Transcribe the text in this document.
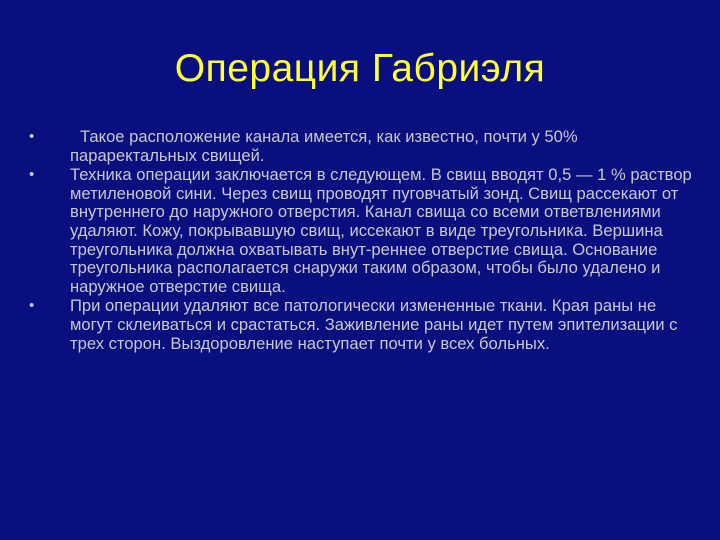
Операция Габриэля
•	Такое расположение канала имеется, как известно, почти у 50% параректальных свищей.
• Техника операции заключается в следующем. В свищ вводят 0,5 — 1 % раствор метиленовой сини. Через свищ проводят пуговчатый зонд. Свищ рассекают от внутреннего до наружного отверстия. Канал свища со всеми ответвлениями удаляют. Кожу, покрывавшую свищ, иссекают в виде треугольника. Вершина треугольника должна охватывать внут-реннее отверстие свища. Основание треугольника располагается снаружи таким образом, чтобы было удалено и наружное отверстие свища.
• При операции удаляют все патологически измененные ткани. Края раны не могут склеиваться и срастаться. Заживление раны идет путем эпителизации с трех сторон. Выздоровление наступает почти у всех больных.
